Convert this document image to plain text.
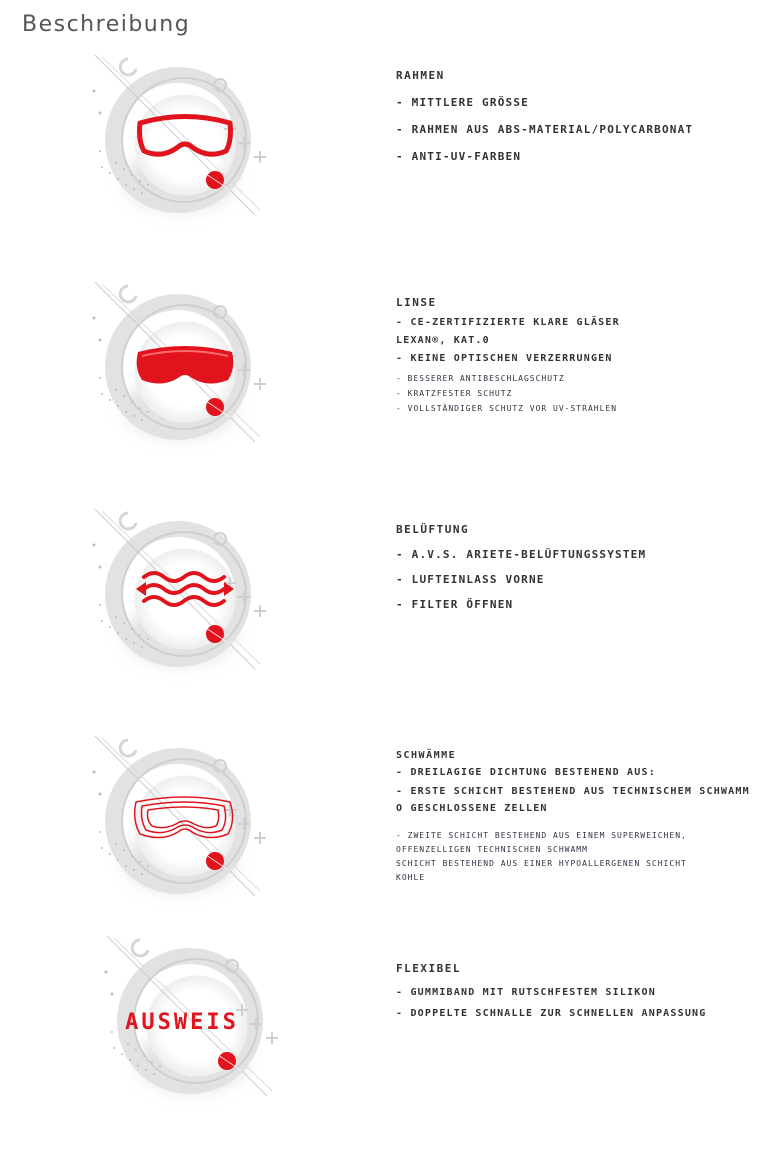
Beschreibung
RAHMEN
- MITTLERE GRÖSSE
- RAHMEN AUS ABS-MATERIAL/POLYCARBONAT
- ANTI-UV-FARBEN
LINSE
- CE-ZERTIFIZIERTE KLARE GLÄSER
LEXAN®, KAT.0
- KEINE OPTISCHEN VERZERRUNGEN
- BESSERER ANTIBESCHLAGSCHUTZ
- KRATZFESTER SCHUTZ
- VOLLSTÄNDIGER SCHUTZ VOR UV-STRAHLEN
BELÜFTUNG
- A.V.S. ARIETE-BELÜFTUNGSSYSTEM
- LUFTEINLASS VORNE
- FILTER ÖFFNEN
SCHWÄMME
- DREILAGIGE DICHTUNG BESTEHEND AUS:
- ERSTE SCHICHT BESTEHEND AUS TECHNISCHEM SCHWAMM O GESCHLOSSENE ZELLEN
- ZWEITE SCHICHT BESTEHEND AUS EINEM SUPERWEICHEN,
OFFENZELLIGEN TECHNISCHEN SCHWAMM
SCHICHT BESTEHEND AUS EINER HYPOALLERGENEN SCHICHT
KOHLE
AUSWEIS
FLEXIBEL
- GUMMIBAND MIT RUTSCHFESTEM SILIKON
- DOPPELTE SCHNALLE ZUR SCHNELLEN ANPASSUNG
